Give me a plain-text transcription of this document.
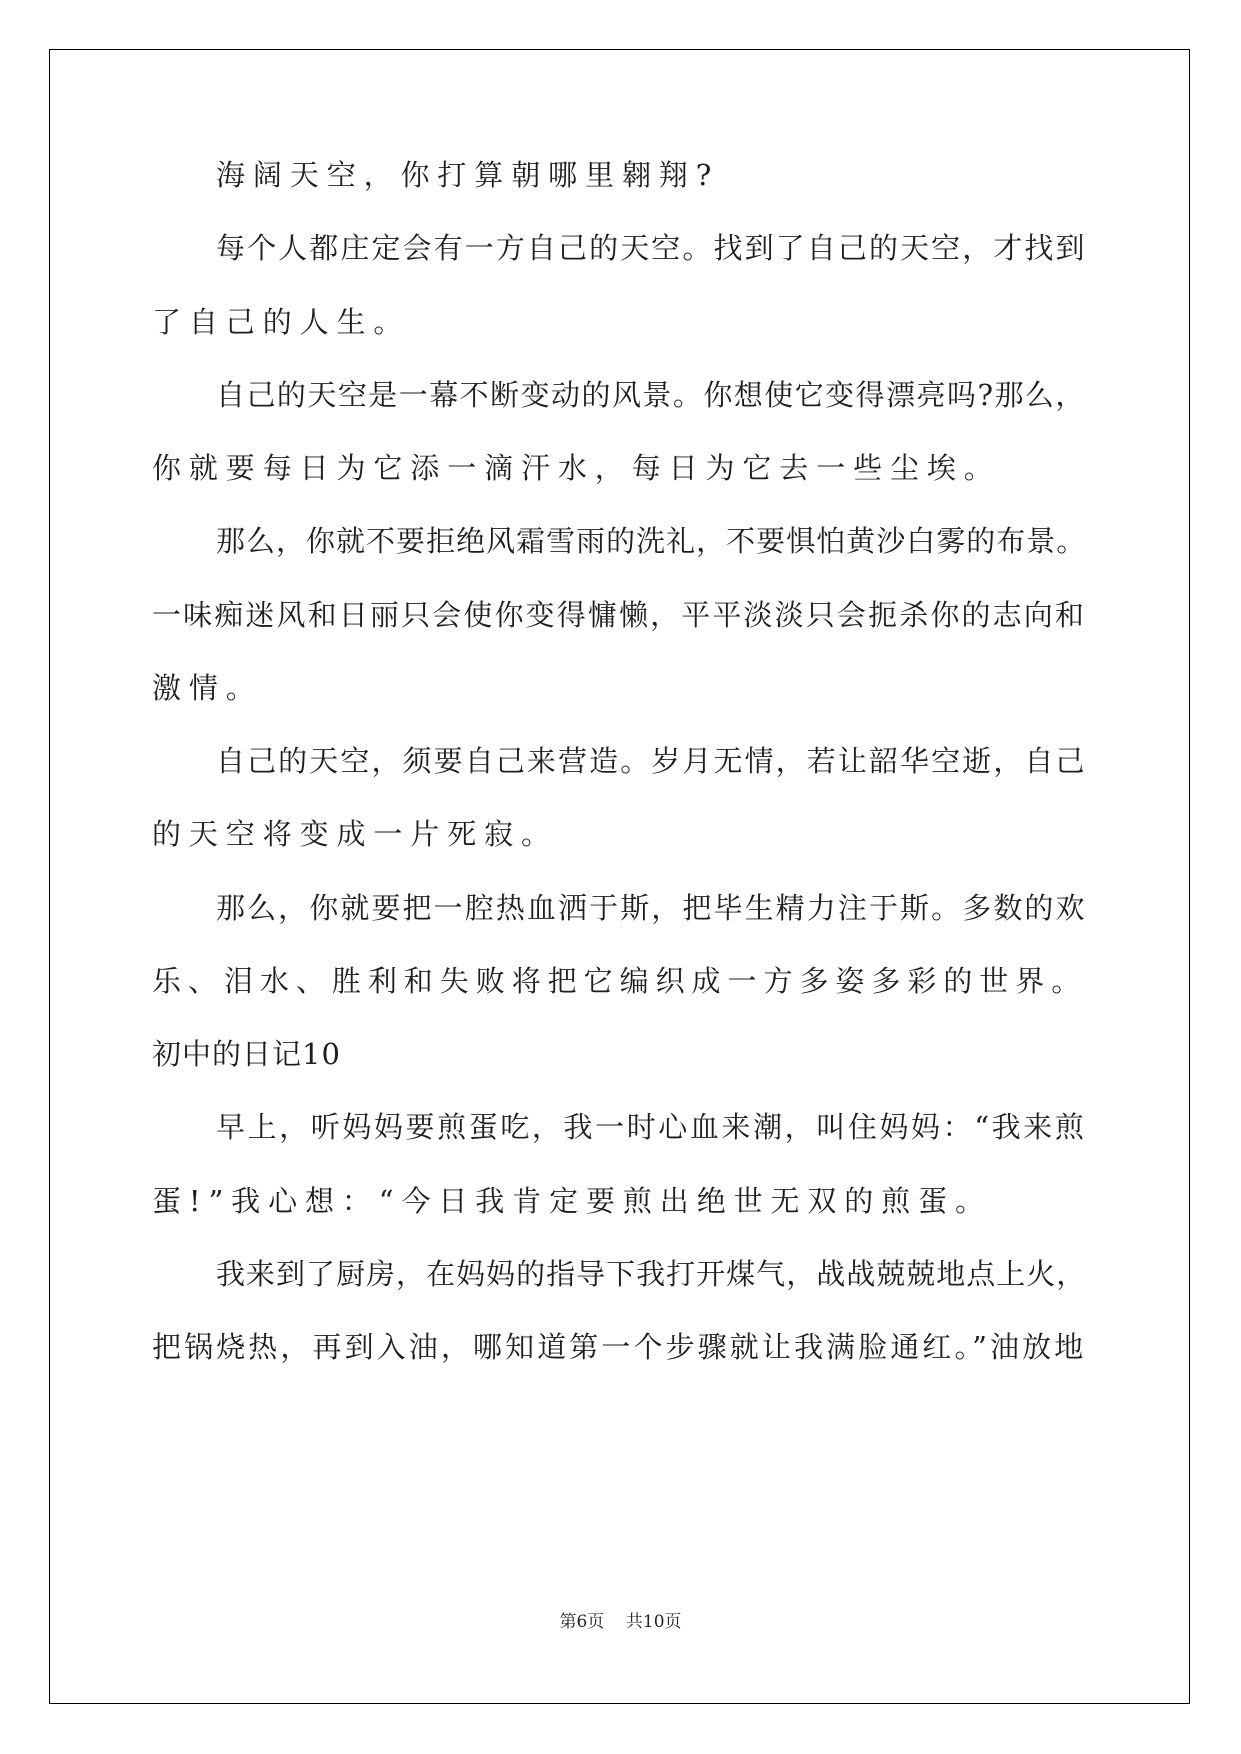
海阔天空，你打算朝哪里翱翔?
每个人都庄定会有一方自己的天空。找到了自己的天空，才找到
了自己的人生。
自己的天空是一幕不断变动的风景。你想使它变得漂亮吗?那么，
你就要每日为它添一滴汗水，每日为它去一些尘埃。
那么，你就不要拒绝风霜雪雨的洗礼，不要惧怕黄沙白雾的布景。
一味痴迷风和日丽只会使你变得慵懒，平平淡淡只会扼杀你的志向和
激情。
自己的天空，须要自己来营造。岁月无情，若让韶华空逝，自己
的天空将变成一片死寂。
那么，你就要把一腔热血洒于斯，把毕生精力注于斯。多数的欢
乐、泪水、胜利和失败将把它编织成一方多姿多彩的世界。
初中的日记10
早上，听妈妈要煎蛋吃，我一时心血来潮，叫住妈妈：“我来煎
蛋!”我心想：“今日我肯定要煎出绝世无双的煎蛋。
我来到了厨房，在妈妈的指导下我打开煤气，战战兢兢地点上火，
把锅烧热，再到入油，哪知道第一个步骤就让我满脸通红。”油放地
第6页 共10页
